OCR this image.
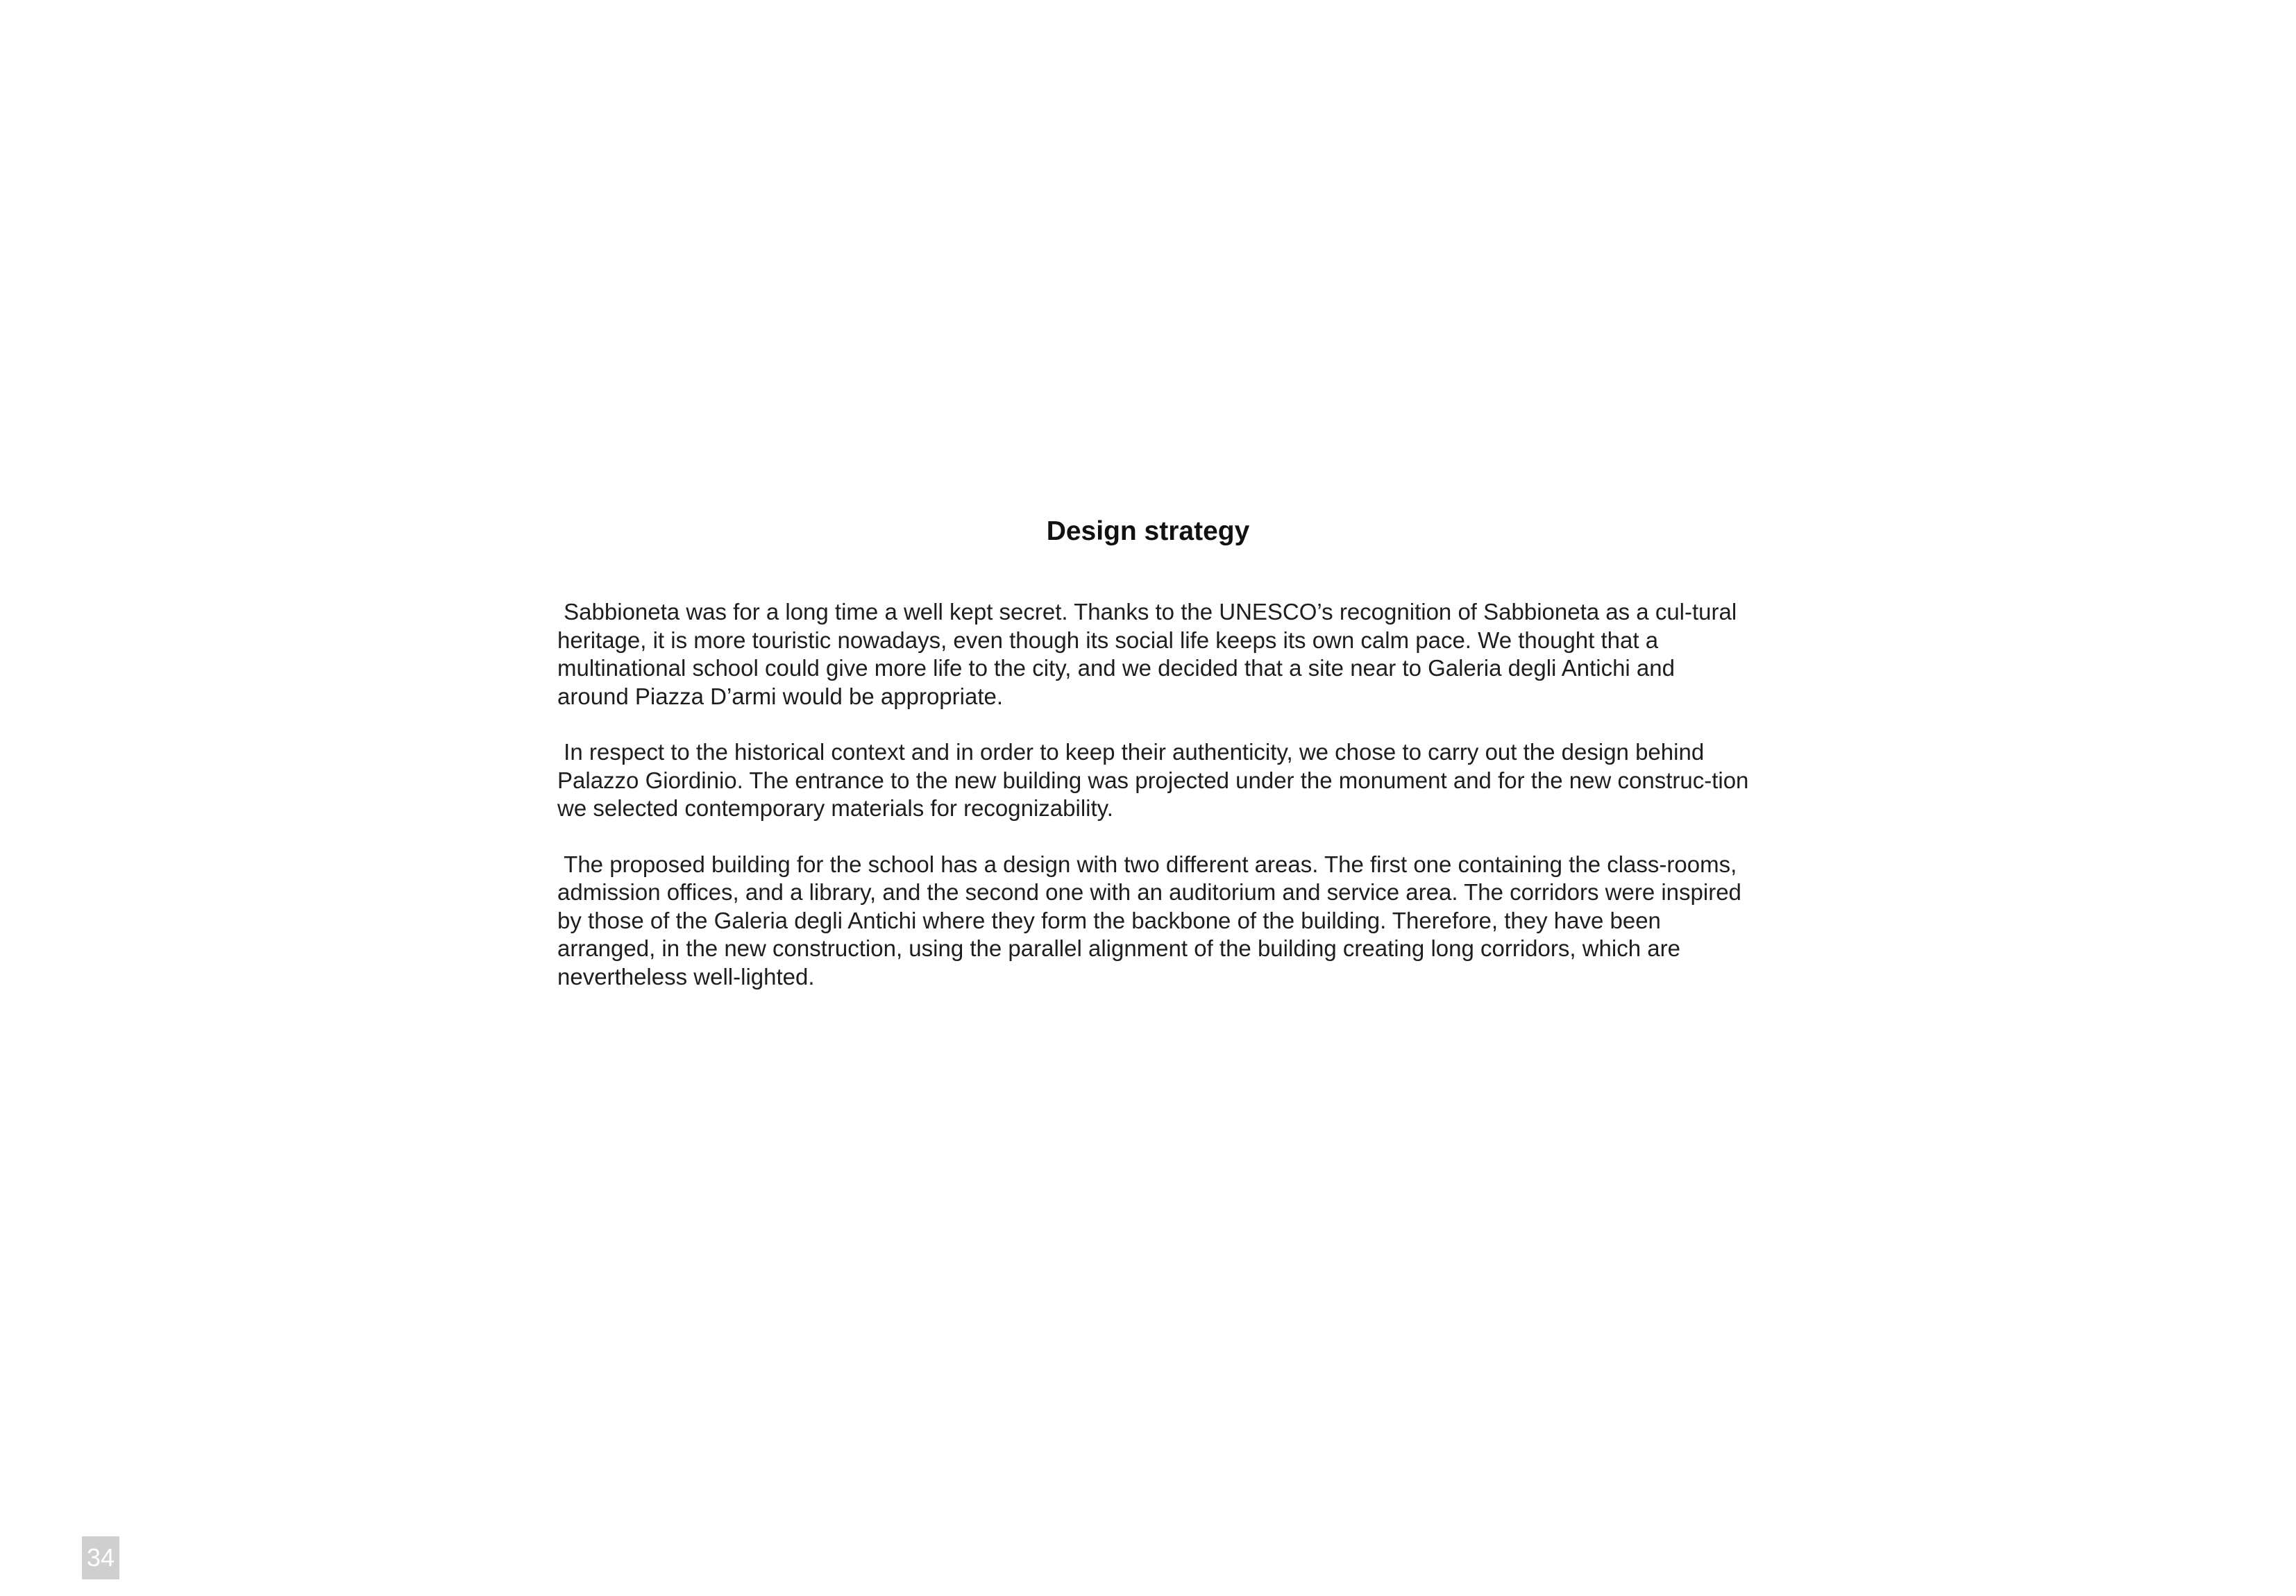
Design strategy

Sabbioneta was for a long time a well kept secret. Thanks to the UNESCO’s recognition of Sabbioneta as a cul-tural heritage, it is more touristic nowadays, even though its social life keeps its own calm pace. We thought that a multinational school could give more life to the city, and we decided that a site near to Galeria degli Antichi and around Piazza D’armi would be appropriate.

In respect to the historical context and in order to keep their authenticity, we chose to carry out the design behind Palazzo Giordinio. The entrance to the new building was projected under the monument and for the new construc-tion we selected contemporary materials for recognizability.

The proposed building for the school has a design with two different areas. The first one containing the class-rooms, admission offices, and a library, and the second one with an auditorium and service area. The corridors were inspired by those of the Galeria degli Antichi where they form the backbone of the building. Therefore, they have been arranged, in the new construction, using the parallel alignment of the building creating long corridors, which are nevertheless well-lighted.

34
